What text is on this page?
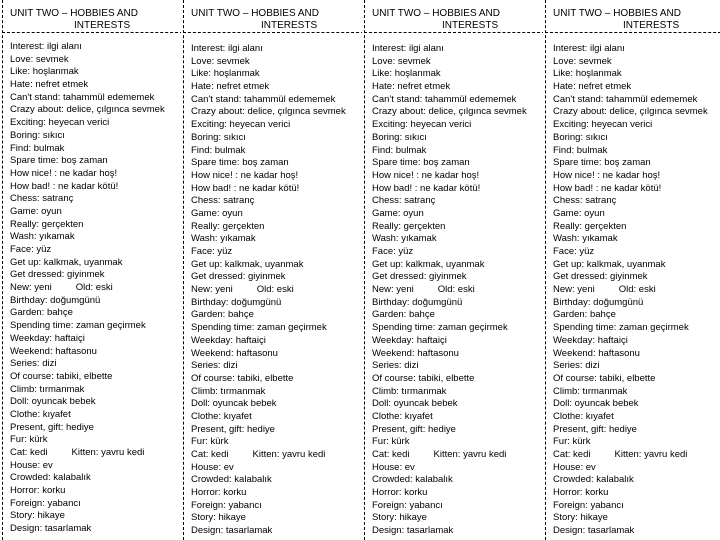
UNIT TWO – HOBBIES AND
INTERESTS
Interest: ilgi alanı
Love: sevmek
Like: hoşlanmak
Hate: nefret etmek
Can't stand: tahammül edememek
Crazy about: delice, çılgınca sevmek
Exciting: heyecan verici
Boring: sıkıcı
Find: bulmak
Spare time: boş zaman
How nice! : ne kadar hoş!
How bad! : ne kadar kötü!
Chess: satranç
Game: oyun
Really: gerçekten
Wash: yıkamak
Face: yüz
Get up: kalkmak, uyanmak
Get dressed: giyinmek
New: yeni	Old: eski
Birthday: doğumgünü
Garden: bahçe
Spending time: zaman geçirmek
Weekday: haftaiçi
Weekend: haftasonu
Series: dizi
Of course: tabiki, elbette
Climb: tırmanmak
Doll: oyuncak bebek
Clothe: kıyafet
Present, gift: hediye
Fur: kürk
Cat: kedi	Kitten: yavru kedi
House: ev
Crowded: kalabalık
Horror: korku
Foreign: yabancı
Story: hikaye
Design: tasarlamak
UNIT TWO – HOBBIES AND
INTERESTS
Interest: ilgi alanı
Love: sevmek
Like: hoşlanmak
Hate: nefret etmek
Can't stand: tahammül edememek
Crazy about: delice, çılgınca sevmek
Exciting: heyecan verici
Boring: sıkıcı
Find: bulmak
Spare time: boş zaman
How nice! : ne kadar hoş!
How bad! : ne kadar kötü!
Chess: satranç
Game: oyun
Really: gerçekten
Wash: yıkamak
Face: yüz
Get up: kalkmak, uyanmak
Get dressed: giyinmek
New: yeni	Old: eski
Birthday: doğumgünü
Garden: bahçe
Spending time: zaman geçirmek
Weekday: haftaiçi
Weekend: haftasonu
Series: dizi
Of course: tabiki, elbette
Climb: tırmanmak
Doll: oyuncak bebek
Clothe: kıyafet
Present, gift: hediye
Fur: kürk
Cat: kedi	Kitten: yavru kedi
House: ev
Crowded: kalabalık
Horror: korku
Foreign: yabancı
Story: hikaye
Design: tasarlamak
UNIT TWO – HOBBIES AND
INTERESTS
Interest: ilgi alanı
Love: sevmek
Like: hoşlanmak
Hate: nefret etmek
Can't stand: tahammül edememek
Crazy about: delice, çılgınca sevmek
Exciting: heyecan verici
Boring: sıkıcı
Find: bulmak
Spare time: boş zaman
How nice! : ne kadar hoş!
How bad! : ne kadar kötü!
Chess: satranç
Game: oyun
Really: gerçekten
Wash: yıkamak
Face: yüz
Get up: kalkmak, uyanmak
Get dressed: giyinmek
New: yeni	Old: eski
Birthday: doğumgünü
Garden: bahçe
Spending time: zaman geçirmek
Weekday: haftaiçi
Weekend: haftasonu
Series: dizi
Of course: tabiki, elbette
Climb: tırmanmak
Doll: oyuncak bebek
Clothe: kıyafet
Present, gift: hediye
Fur: kürk
Cat: kedi	Kitten: yavru kedi
House: ev
Crowded: kalabalık
Horror: korku
Foreign: yabancı
Story: hikaye
Design: tasarlamak
UNIT TWO – HOBBIES AND
INTERESTS
Interest: ilgi alanı
Love: sevmek
Like: hoşlanmak
Hate: nefret etmek
Can't stand: tahammül edememek
Crazy about: delice, çılgınca sevmek
Exciting: heyecan verici
Boring: sıkıcı
Find: bulmak
Spare time: boş zaman
How nice! : ne kadar hoş!
How bad! : ne kadar kötü!
Chess: satranç
Game: oyun
Really: gerçekten
Wash: yıkamak
Face: yüz
Get up: kalkmak, uyanmak
Get dressed: giyinmek
New: yeni	Old: eski
Birthday: doğumgünü
Garden: bahçe
Spending time: zaman geçirmek
Weekday: haftaiçi
Weekend: haftasonu
Series: dizi
Of course: tabiki, elbette
Climb: tırmanmak
Doll: oyuncak bebek
Clothe: kıyafet
Present, gift: hediye
Fur: kürk
Cat: kedi	Kitten: yavru kedi
House: ev
Crowded: kalabalık
Horror: korku
Foreign: yabancı
Story: hikaye
Design: tasarlamak
